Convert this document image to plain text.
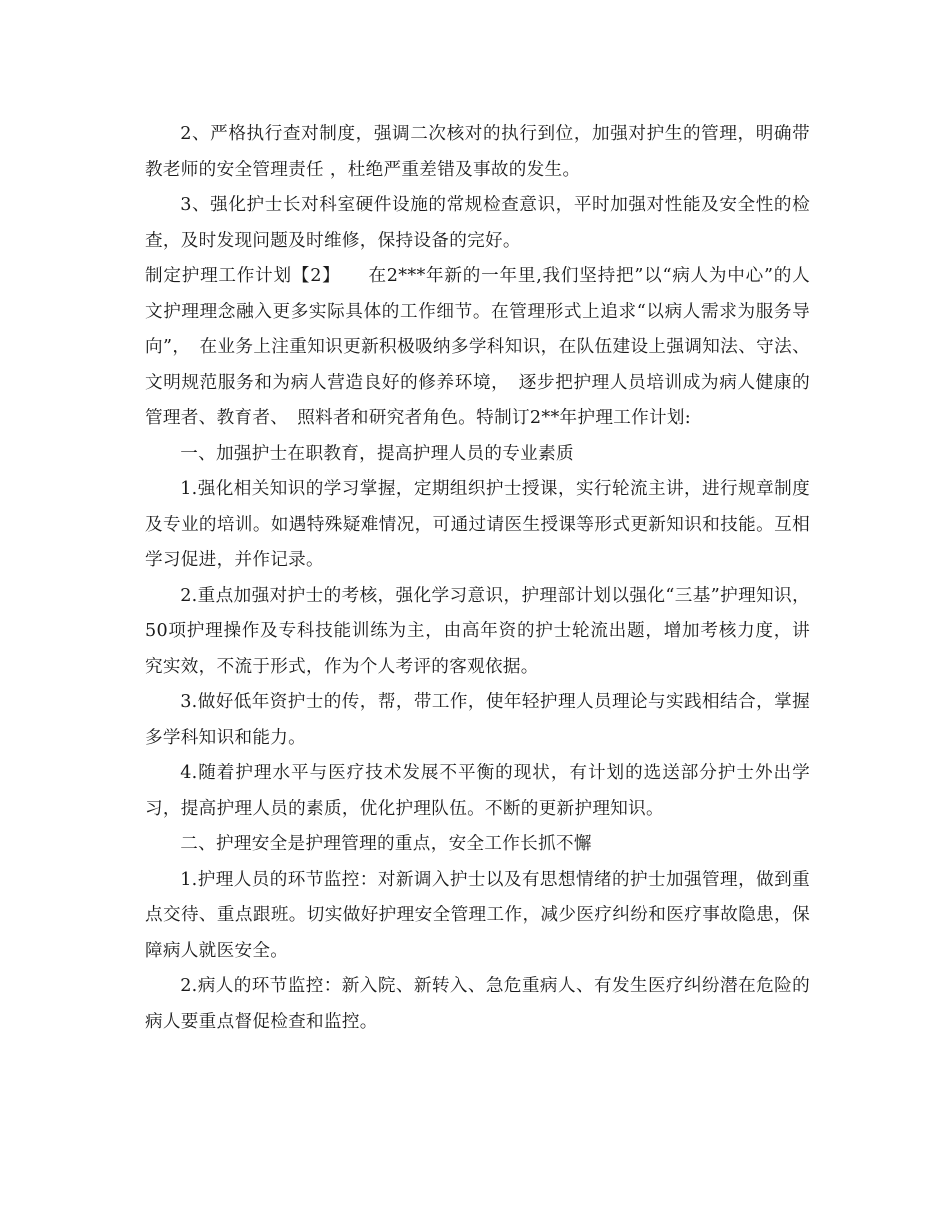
2、严格执行查对制度，强调二次核对的执行到位，加强对护生的管理，明确带教老师的安全管理责任 ，杜绝严重差错及事故的发生。

3、强化护士长对科室硬件设施的常规检查意识，平时加强对性能及安全性的检查，及时发现问题及时维修，保持设备的完好。

制定护理工作计划【2】　　在2***年新的一年里,我们坚持把”以“病人为中心”的人文护理理念融入更多实际具体的工作细节。在管理形式上追求“以病人需求为服务导向”，　在业务上注重知识更新积极吸纳多学科知识，在队伍建设上强调知法、守法、文明规范服务和为病人营造良好的修养环境，　逐步把护理人员培训成为病人健康的管理者、教育者、　照料者和研究者角色。特制订2**年护理工作计划:

一、加强护士在职教育，提高护理人员的专业素质

1.强化相关知识的学习掌握，定期组织护士授课，实行轮流主讲，进行规章制度及专业的培训。如遇特殊疑难情况，可通过请医生授课等形式更新知识和技能。互相学习促进，并作记录。

2.重点加强对护士的考核，强化学习意识，护理部计划以强化“三基”护理知识，50项护理操作及专科技能训练为主，由高年资的护士轮流出题，增加考核力度，讲究实效，不流于形式，作为个人考评的客观依据。

3.做好低年资护士的传，帮，带工作，使年轻护理人员理论与实践相结合，掌握多学科知识和能力。

4.随着护理水平与医疗技术发展不平衡的现状，有计划的选送部分护士外出学习，提高护理人员的素质，优化护理队伍。不断的更新护理知识。

二、护理安全是护理管理的重点，安全工作长抓不懈

1.护理人员的环节监控：对新调入护士以及有思想情绪的护士加强管理，做到重点交待、重点跟班。切实做好护理安全管理工作，减少医疗纠纷和医疗事故隐患，保障病人就医安全。

2.病人的环节监控：新入院、新转入、急危重病人、有发生医疗纠纷潜在危险的病人要重点督促检查和监控。
